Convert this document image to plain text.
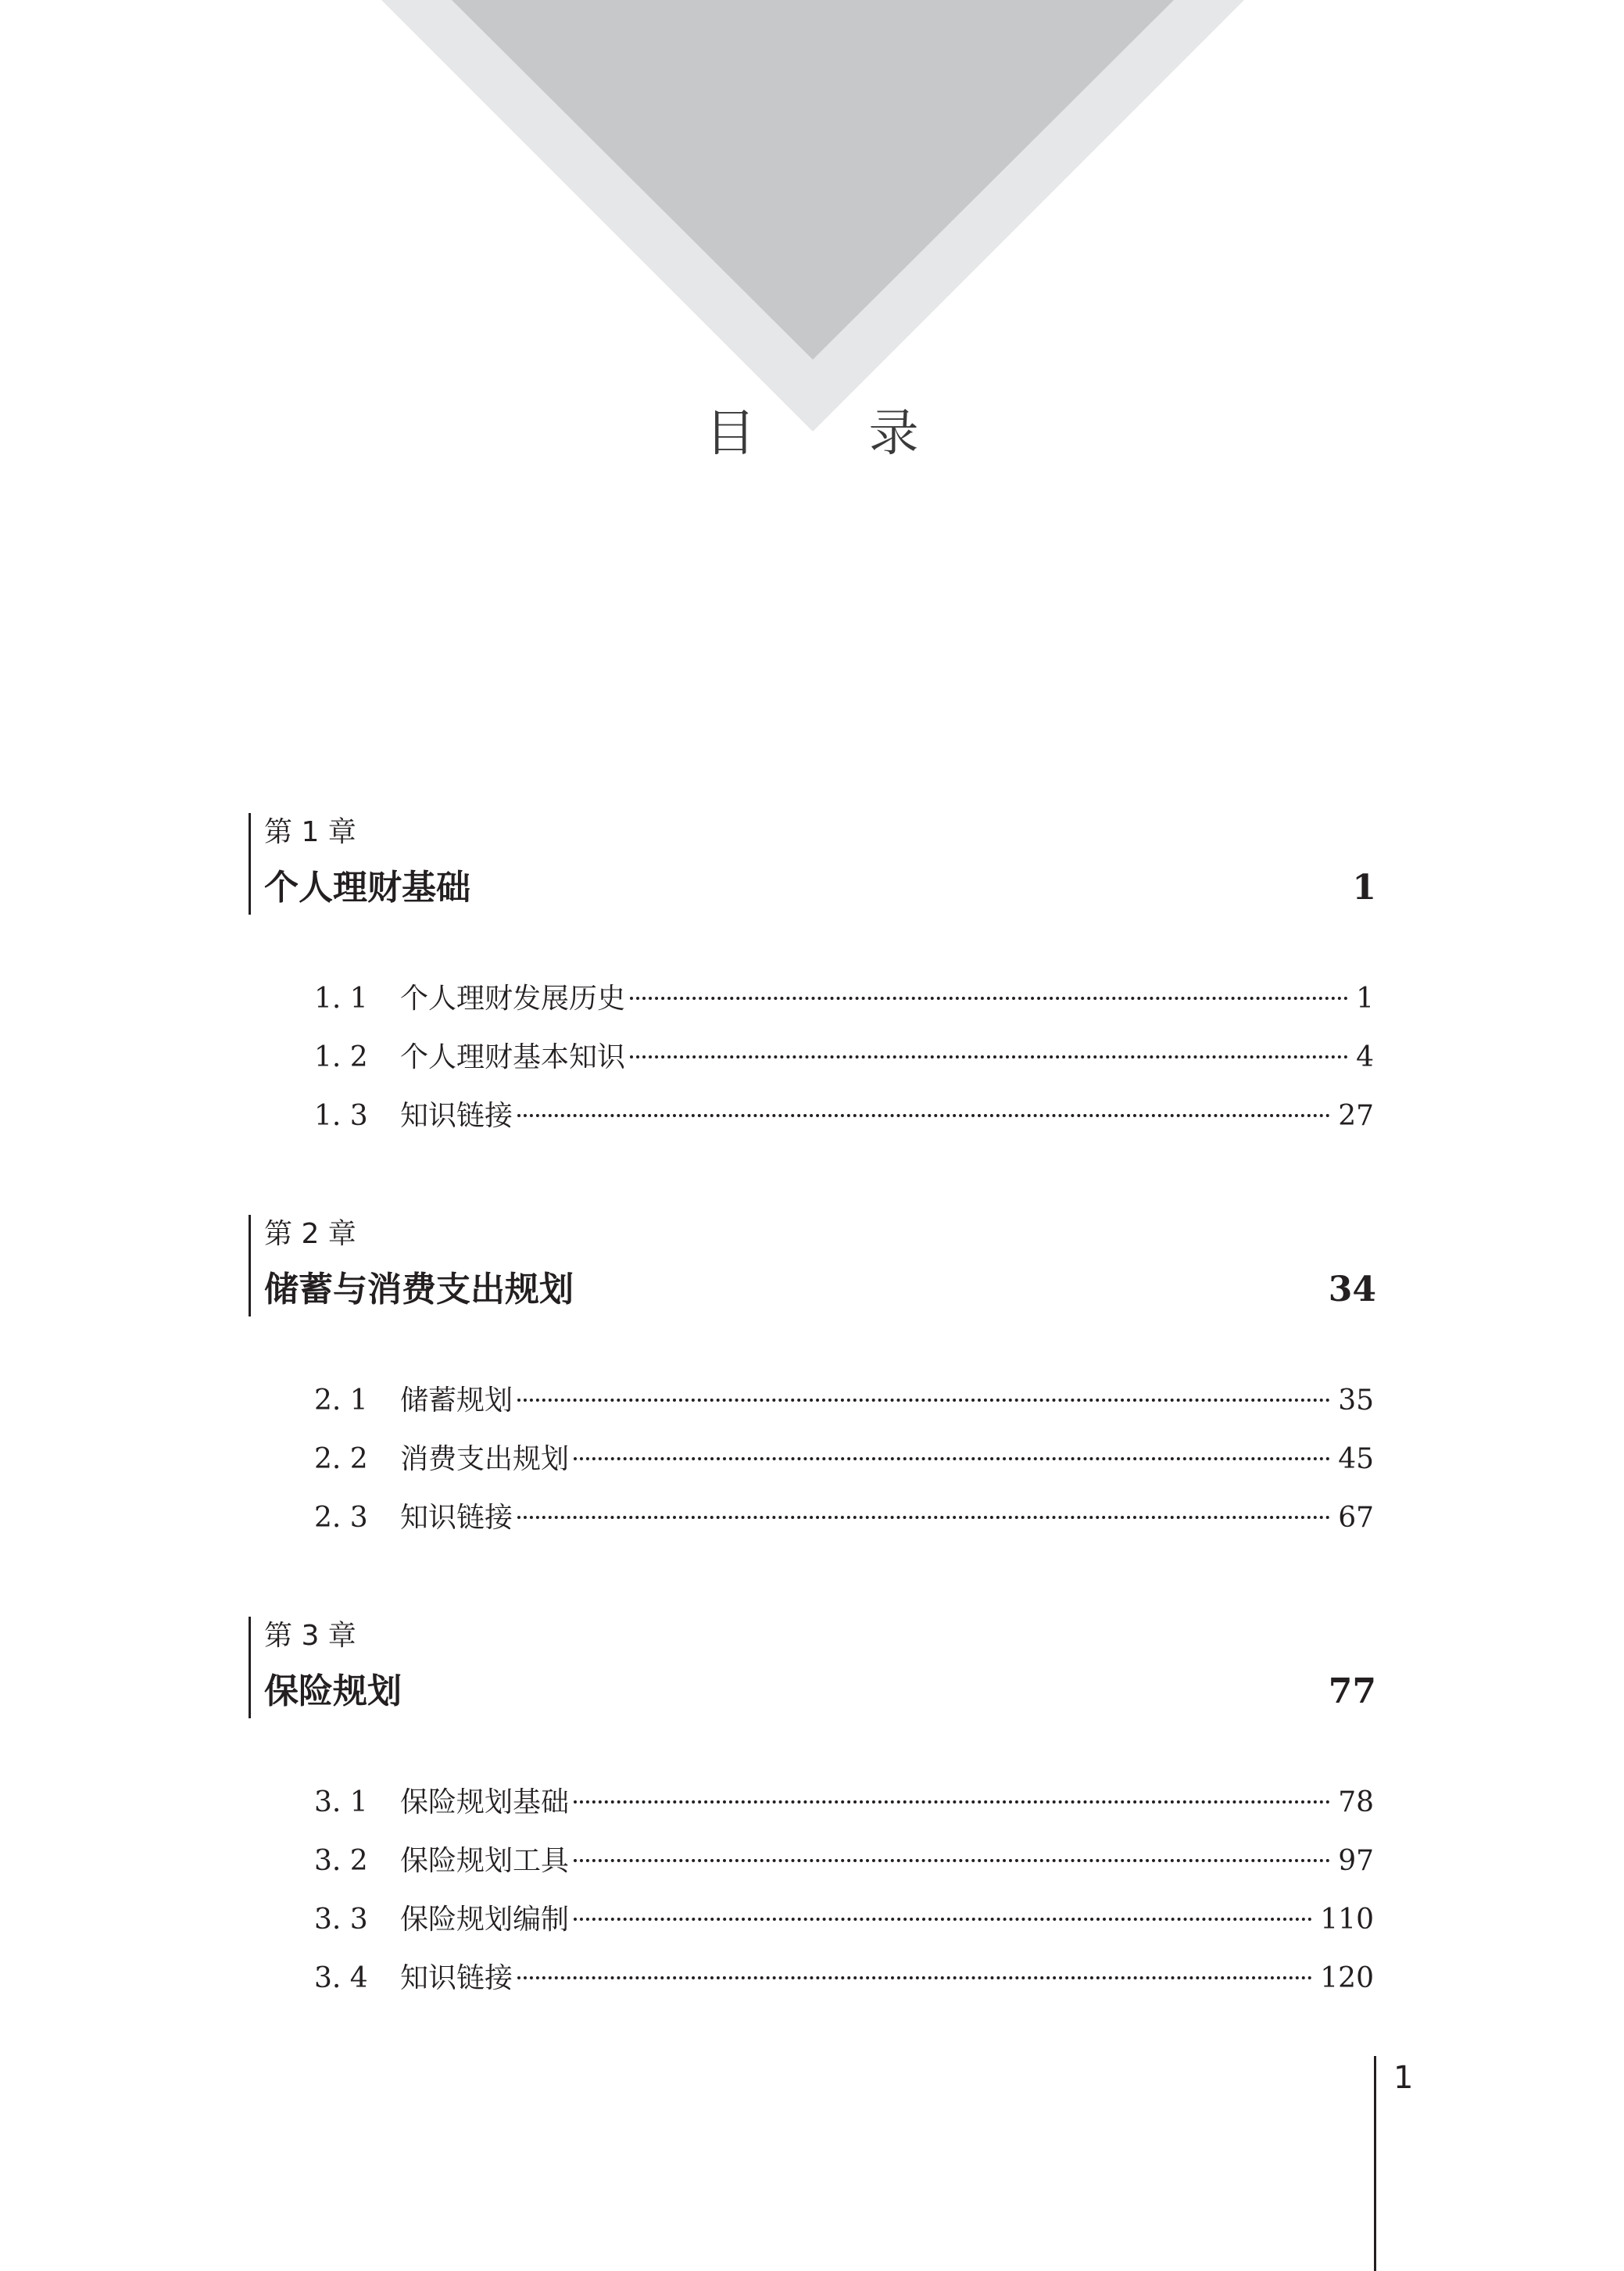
目录
第 1 章
个人理财基础	1
1. 1	个人理财发展历史	1
1. 2	个人理财基本知识	4
1. 3	知识链接	27
第 2 章
储蓄与消费支出规划	34
2. 1	储蓄规划	35
2. 2	消费支出规划	45
2. 3	知识链接	67
第 3 章
保险规划	77
3. 1	保险规划基础	78
3. 2	保险规划工具	97
3. 3	保险规划编制	110
3. 4	知识链接	120
1
